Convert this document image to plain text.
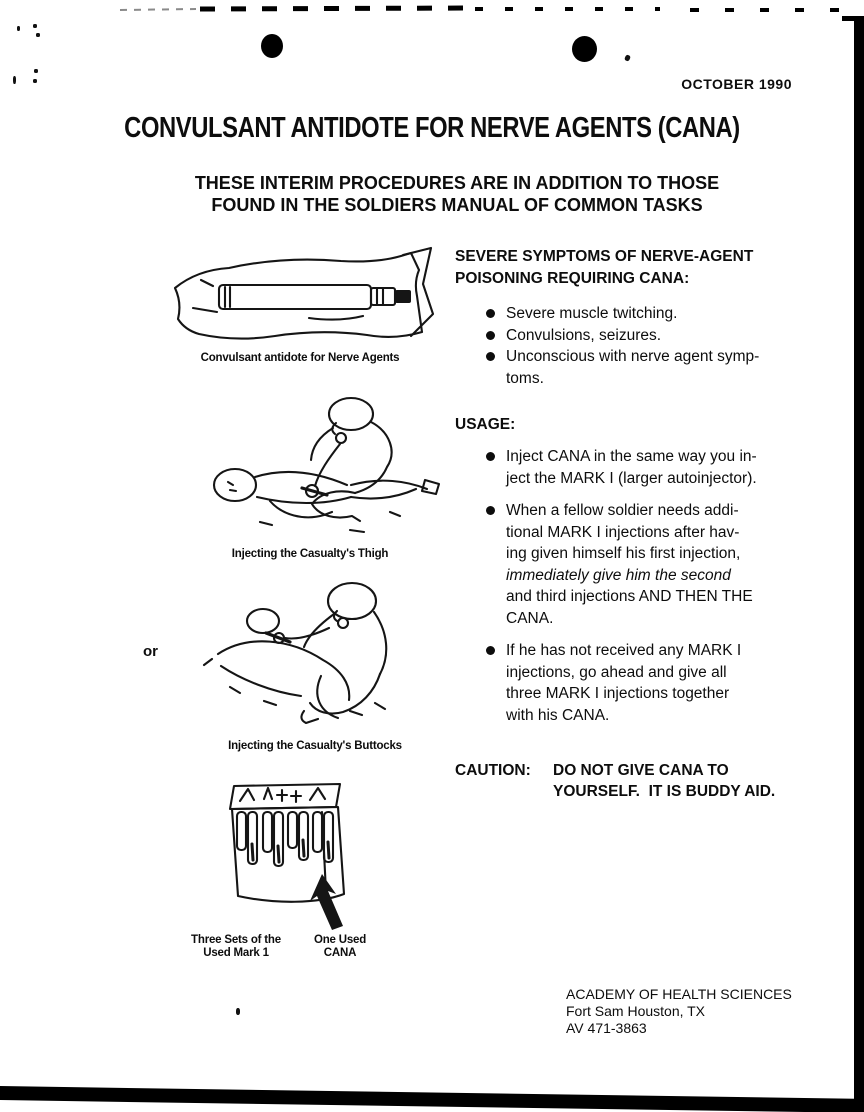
OCTOBER 1990
CONVULSANT ANTIDOTE FOR NERVE AGENTS (CANA)
THESE INTERIM PROCEDURES ARE IN ADDITION TO THOSE
FOUND IN THE SOLDIERS MANUAL OF COMMON TASKS
Convulsant antidote for Nerve Agents
Injecting the Casualty's Thigh
or
Injecting the Casualty's Buttocks
Three Sets of the
Used Mark 1
One Used
CANA
SEVERE SYMPTOMS OF NERVE-AGENT
POISONING REQUIRING CANA:
Severe muscle twitching.
Convulsions, seizures.
Unconscious with nerve agent symp-
toms.
USAGE:
Inject CANA in the same way you in-
ject the MARK I (larger autoinjector).
When a fellow soldier needs addi-
tional MARK I injections after hav-
ing given himself his first injection,
immediately give him the second
and third injections AND THEN THE
CANA.
If he has not received any MARK I
injections, go ahead and give all
three MARK I injections together
with his CANA.
CAUTION:	DO NOT GIVE CANA TO
YOURSELF.  IT IS BUDDY AID.
ACADEMY OF HEALTH SCIENCES
Fort Sam Houston, TX
AV 471-3863
